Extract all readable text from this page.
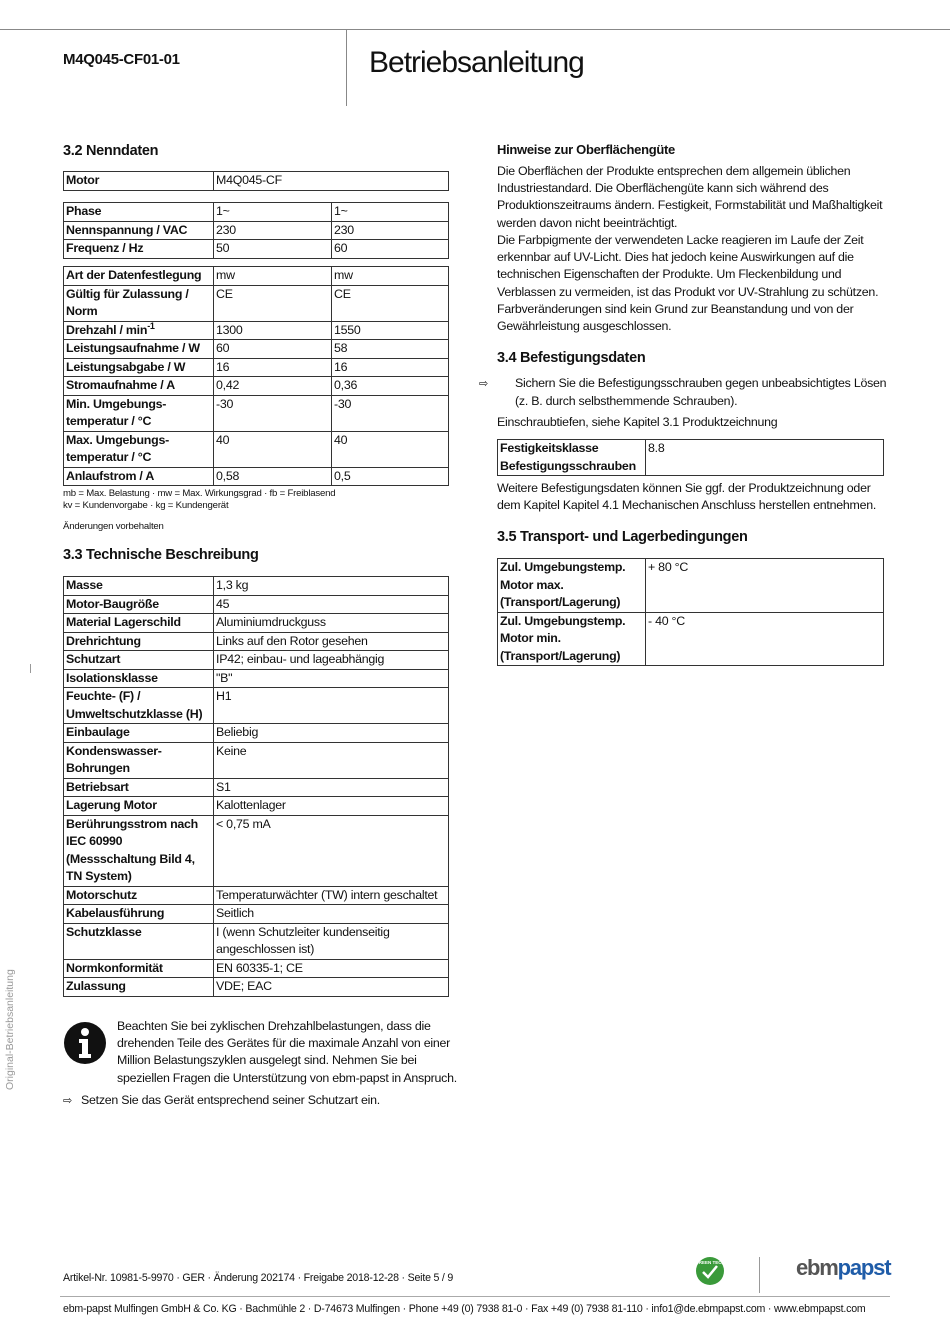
M4Q045-CF01-01	Betriebsanleitung
Original-Betriebsanleitung
3.2 Nenndaten
Motor	M4Q045-CF
Phase	1~	1~
Nennspannung / VAC	230	230
Frequenz / Hz	50	60
Art der Datenfestlegung	mw	mw
Gültig für Zulassung / Norm	CE	CE
Drehzahl / $\min^{-1}$	1300	1550
Leistungsaufnahme / W	60	58
Leistungsabgabe / W	16	16
Stromaufnahme / A	0,42	0,36
Min. Umgebungs-temperatur / °C	-30	-30
Max. Umgebungs-temperatur / °C	40	40
Anlaufstrom / A	0,58	0,5
mb = Max. Belastung · mw = Max. Wirkungsgrad · fb = Freiblasend
kv = Kundenvorgabe · kg = Kundengerät
Änderungen vorbehalten
3.3 Technische Beschreibung
Masse	1,3 kg
Motor-Baugröße	45
Material Lagerschild	Aluminiumdruckguss
Drehrichtung	Links auf den Rotor gesehen
Schutzart	IP42; einbau- und lageabhängig
Isolationsklasse	"B"
Feuchte- (F) / Umweltschutzklasse (H)	H1
Einbaulage	Beliebig
Kondenswasser-Bohrungen	Keine
Betriebsart	S1
Lagerung Motor	Kalottenlager
Berührungsstrom nach IEC 60990 (Messschaltung Bild 4, TN System)	< 0,75 mA
Motorschutz	Temperaturwächter (TW) intern geschaltet
Kabelausführung	Seitlich
Schutzklasse	I (wenn Schutzleiter kundenseitig angeschlossen ist)
Normkonformität	EN 60335-1; CE
Zulassung	VDE; EAC
Beachten Sie bei zyklischen Drehzahlbelastungen, dass die drehenden Teile des Gerätes für die maximale Anzahl von einer Million Belastungszyklen ausgelegt sind. Nehmen Sie bei speziellen Fragen die Unterstützung von ebm-papst in Anspruch.
⇨ Setzen Sie das Gerät entsprechend seiner Schutzart ein.
Hinweise zur Oberflächengüte
Die Oberflächen der Produkte entsprechen dem allgemein üblichen Industriestandard. Die Oberflächengüte kann sich während des Produktionszeitraums ändern. Festigkeit, Formstabilität und Maßhaltigkeit werden davon nicht beeinträchtigt.
Die Farbpigmente der verwendeten Lacke reagieren im Laufe der Zeit erkennbar auf UV-Licht. Dies hat jedoch keine Auswirkungen auf die technischen Eigenschaften der Produkte. Um Fleckenbildung und Verblassen zu vermeiden, ist das Produkt vor UV-Strahlung zu schützen. Farbveränderungen sind kein Grund zur Beanstandung und von der Gewährleistung ausgeschlossen.
3.4 Befestigungsdaten
⇨ Sichern Sie die Befestigungsschrauben gegen unbeabsichtigtes Lösen (z. B. durch selbsthemmende Schrauben).
Einschraubtiefen, siehe Kapitel 3.1 Produktzeichnung
Festigkeitsklasse Befestigungsschrauben	8.8
Weitere Befestigungsdaten können Sie ggf. der Produktzeichnung oder dem Kapitel Kapitel 4.1 Mechanischen Anschluss herstellen entnehmen.
3.5 Transport- und Lagerbedingungen
Zul. Umgebungstemp. Motor max. (Transport/Lagerung)	+ 80 °C
Zul. Umgebungstemp. Motor min. (Transport/Lagerung)	- 40 °C
Artikel-Nr. 10981-5-9970 · GER · Änderung 202174 · Freigabe 2018-12-28 · Seite 5 / 9
GREEN TECH	ebmpapst
ebm-papst Mulfingen GmbH & Co. KG · Bachmühle 2 · D-74673 Mulfingen · Phone +49 (0) 7938 81-0 · Fax +49 (0) 7938 81-110 · info1@de.ebmpapst.com · www.ebmpapst.com
